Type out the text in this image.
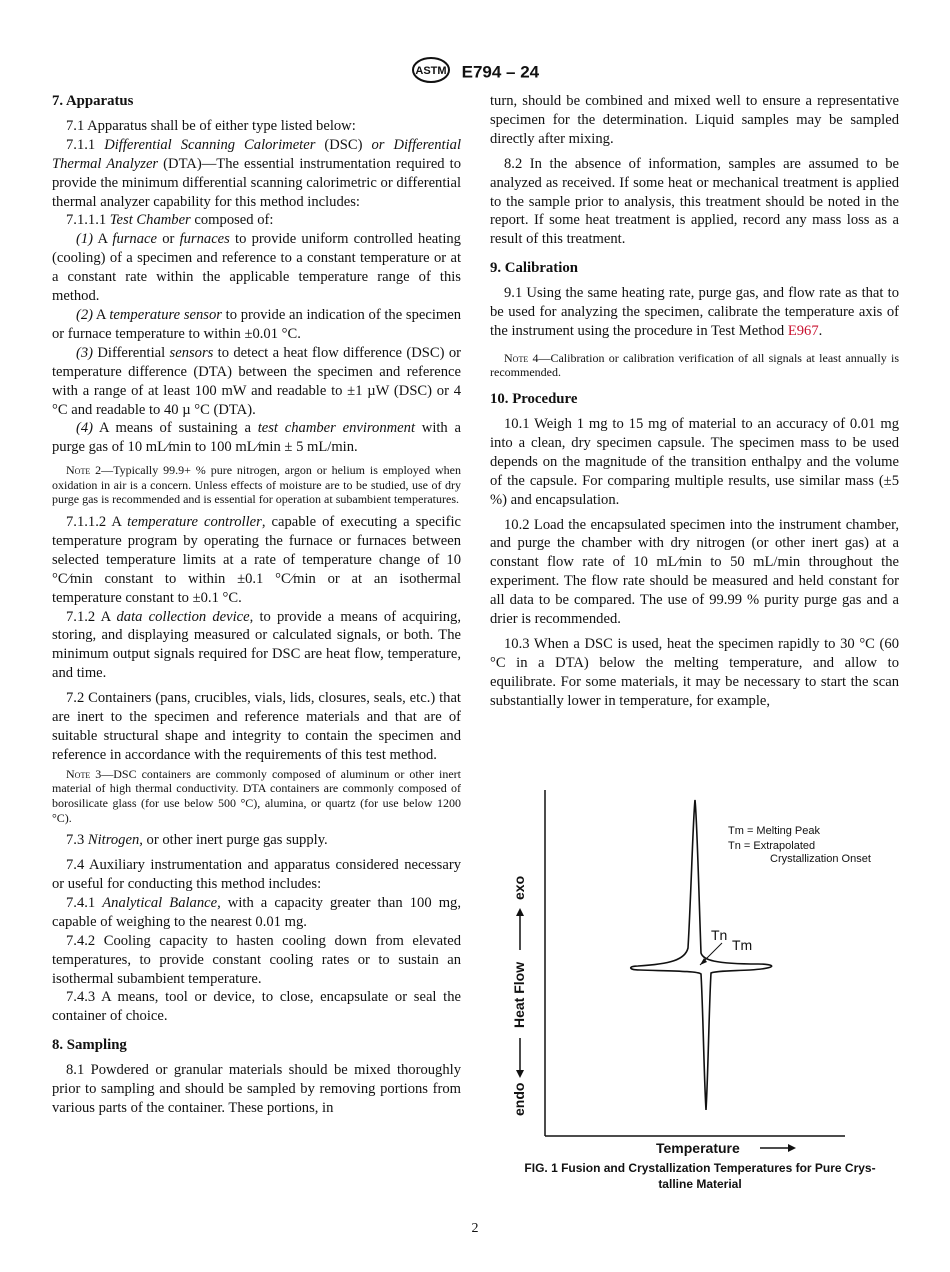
ASTM E794 – 24
7. Apparatus

7.1 Apparatus shall be of either type listed below:

7.1.1 Differential Scanning Calorimeter (DSC) or Differential Thermal Analyzer (DTA)—The essential instrumentation required to provide the minimum differential scanning calorimetric or differential thermal analyzer capability for this method includes:

7.1.1.1 Test Chamber composed of:

(1) A furnace or furnaces to provide uniform controlled heating (cooling) of a specimen and reference to a constant temperature or at a constant rate within the applicable temperature range of this method.

(2) A temperature sensor to provide an indication of the specimen or furnace temperature to within ±0.01 °C.

(3) Differential sensors to detect a heat flow difference (DSC) or temperature difference (DTA) between the specimen and reference with a range of at least 100 mW and readable to ±1 µW (DSC) or 4 °C and readable to 40 µ °C (DTA).

(4) A means of sustaining a test chamber environment with a purge gas of 10 mL⁄min to 100 mL⁄min ± 5 mL/min.

Note 2—Typically 99.9+ % pure nitrogen, argon or helium is employed when oxidation in air is a concern. Unless effects of moisture are to be studied, use of dry purge gas is recommended and is essential for operation at subambient temperatures.

7.1.1.2 A temperature controller, capable of executing a specific temperature program by operating the furnace or furnaces between selected temperature limits at a rate of temperature change of 10 °C⁄min constant to within ±0.1 °C⁄min or at an isothermal temperature constant to ±0.1 °C.

7.1.2 A data collection device, to provide a means of acquiring, storing, and displaying measured or calculated signals, or both. The minimum output signals required for DSC are heat flow, temperature, and time.

7.2 Containers (pans, crucibles, vials, lids, closures, seals, etc.) that are inert to the specimen and reference materials and that are of suitable structural shape and integrity to contain the specimen and reference in accordance with the requirements of this test method.

Note 3—DSC containers are commonly composed of aluminum or other inert material of high thermal conductivity. DTA containers are commonly composed of borosilicate glass (for use below 500 °C), alumina, or quartz (for use below 1200 °C).

7.3 Nitrogen, or other inert purge gas supply.

7.4 Auxiliary instrumentation and apparatus considered necessary or useful for conducting this method includes:

7.4.1 Analytical Balance, with a capacity greater than 100 mg, capable of weighing to the nearest 0.01 mg.

7.4.2 Cooling capacity to hasten cooling down from elevated temperatures, to provide constant cooling rates or to sustain an isothermal subambient temperature.

7.4.3 A means, tool or device, to close, encapsulate or seal the container of choice.

8. Sampling

8.1 Powdered or granular materials should be mixed thoroughly prior to sampling and should be sampled by removing portions from various parts of the container. These portions, in

turn, should be combined and mixed well to ensure a representative specimen for the determination. Liquid samples may be sampled directly after mixing.

8.2 In the absence of information, samples are assumed to be analyzed as received. If some heat or mechanical treatment is applied to the sample prior to analysis, this treatment should be noted in the report. If some heat treatment is applied, record any mass loss as a result of this treatment.

9. Calibration

9.1 Using the same heating rate, purge gas, and flow rate as that to be used for analyzing the specimen, calibrate the temperature axis of the instrument using the procedure in Test Method E967.

Note 4—Calibration or calibration verification of all signals at least annually is recommended.

10. Procedure

10.1 Weigh 1 mg to 15 mg of material to an accuracy of 0.01 mg into a clean, dry specimen capsule. The specimen mass to be used depends on the magnitude of the transition enthalpy and the volume of the capsule. For comparing multiple results, use similar mass (±5 %) and encapsulation.

10.2 Load the encapsulated specimen into the instrument chamber, and purge the chamber with dry nitrogen (or other inert gas) at a constant flow rate of 10 mL⁄min to 50 mL/min throughout the experiment. The flow rate should be measured and held constant for all data to be compared. The use of 99.99 % purity purge gas and a drier is recommended.

10.3 When a DSC is used, heat the specimen rapidly to 30 °C (60 °C in a DTA) below the melting temperature, and allow to equilibrate. For some materials, it may be necessary to start the scan substantially lower in temperature, for example,

Tn
Tm
Tm = Melting Peak
Tn = Extrapolated
Crystallization Onset
endo
Heat Flow
exo
Temperature
FIG. 1 Fusion and Crystallization Temperatures for Pure Crys-
talline Material
2
